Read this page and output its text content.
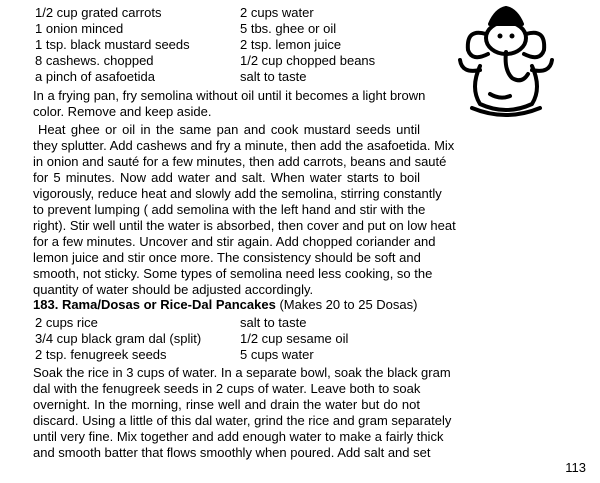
1/2 cup grated carrots
1 onion minced
1 tsp. black mustard seeds
8 cashews. chopped
a pinch of asafoetida
2 cups water
5 tbs. ghee or oil
2 tsp. lemon juice
1/2 cup chopped beans
salt to taste
In a frying pan, fry semolina without oil until it becomes a light brown
color. Remove and keep aside.
Heat ghee or oil in the same pan and cook mustard seeds until
they splutter. Add cashews and fry a minute, then add the asafoetida. Mix
in onion and sauté for a few minutes, then add carrots, beans and sauté
for 5 minutes. Now add water and salt. When water starts to boil
vigorously, reduce heat and slowly add the semolina, stirring constantly
to prevent lumping ( add semolina with the left hand and stir with the
right). Stir well until the water is absorbed, then cover and put on low heat
for a few minutes. Uncover and stir again. Add chopped coriander and
lemon juice and stir once more. The consistency should be soft and
smooth, not sticky. Some types of semolina need less cooking, so the
quantity of water should be adjusted accordingly.
183. Rama/Dosas or Rice-Dal Pancakes (Makes 20 to 25 Dosas)
2 cups rice
3/4 cup black gram dal (split)
2 tsp. fenugreek seeds
salt to taste
1/2 cup sesame oil
5 cups water
Soak the rice in 3 cups of water. In a separate bowl, soak the black gram
dal with the fenugreek seeds in 2 cups of water. Leave both to soak
overnight. In the morning, rinse well and drain the water but do not
discard. Using a little of this dal water, grind the rice and gram separately
until very fine. Mix together and add enough water to make a fairly thick
and smooth batter that flows smoothly when poured. Add salt and set
113
